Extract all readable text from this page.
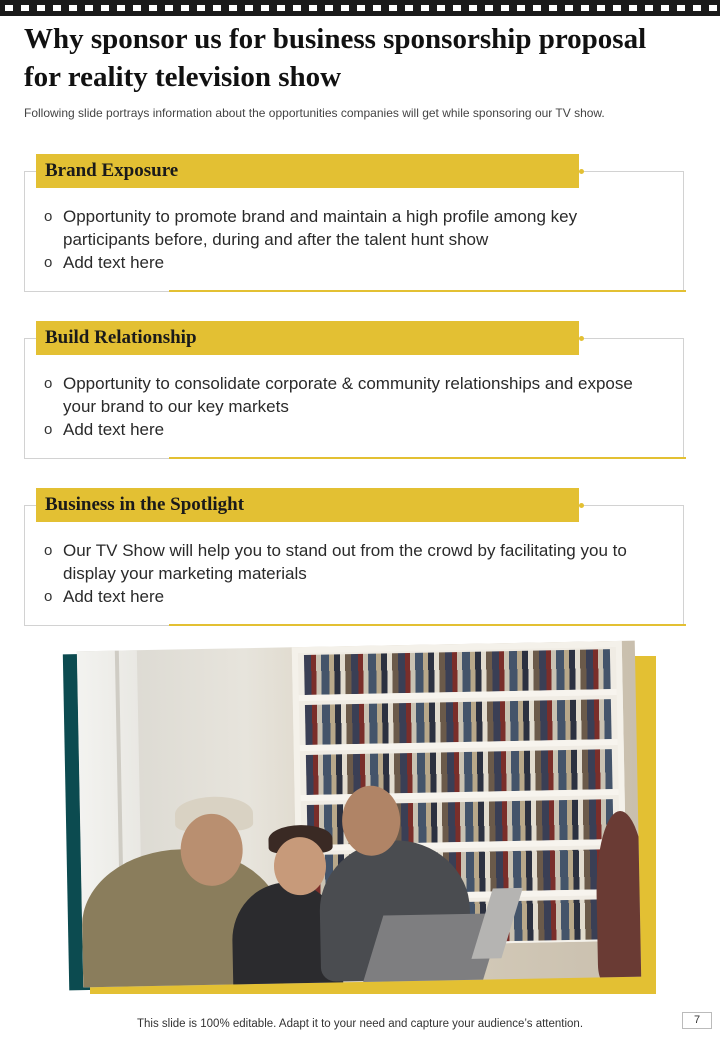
Why sponsor us for business sponsorship proposal for reality television show
Following slide portrays information about the opportunities companies will get while sponsoring our TV show.
Brand Exposure
o Opportunity to promote brand and maintain a high profile among key participants before, during and after the talent hunt show
o Add text here
Build Relationship
o Opportunity to consolidate corporate & community relationships and expose your brand to our key markets
o Add text here
Business in the Spotlight
o Our TV Show will help you to stand out from the crowd by facilitating you to display your marketing materials
o Add text here
This slide is 100% editable. Adapt it to your need and capture your audience’s attention.	7
